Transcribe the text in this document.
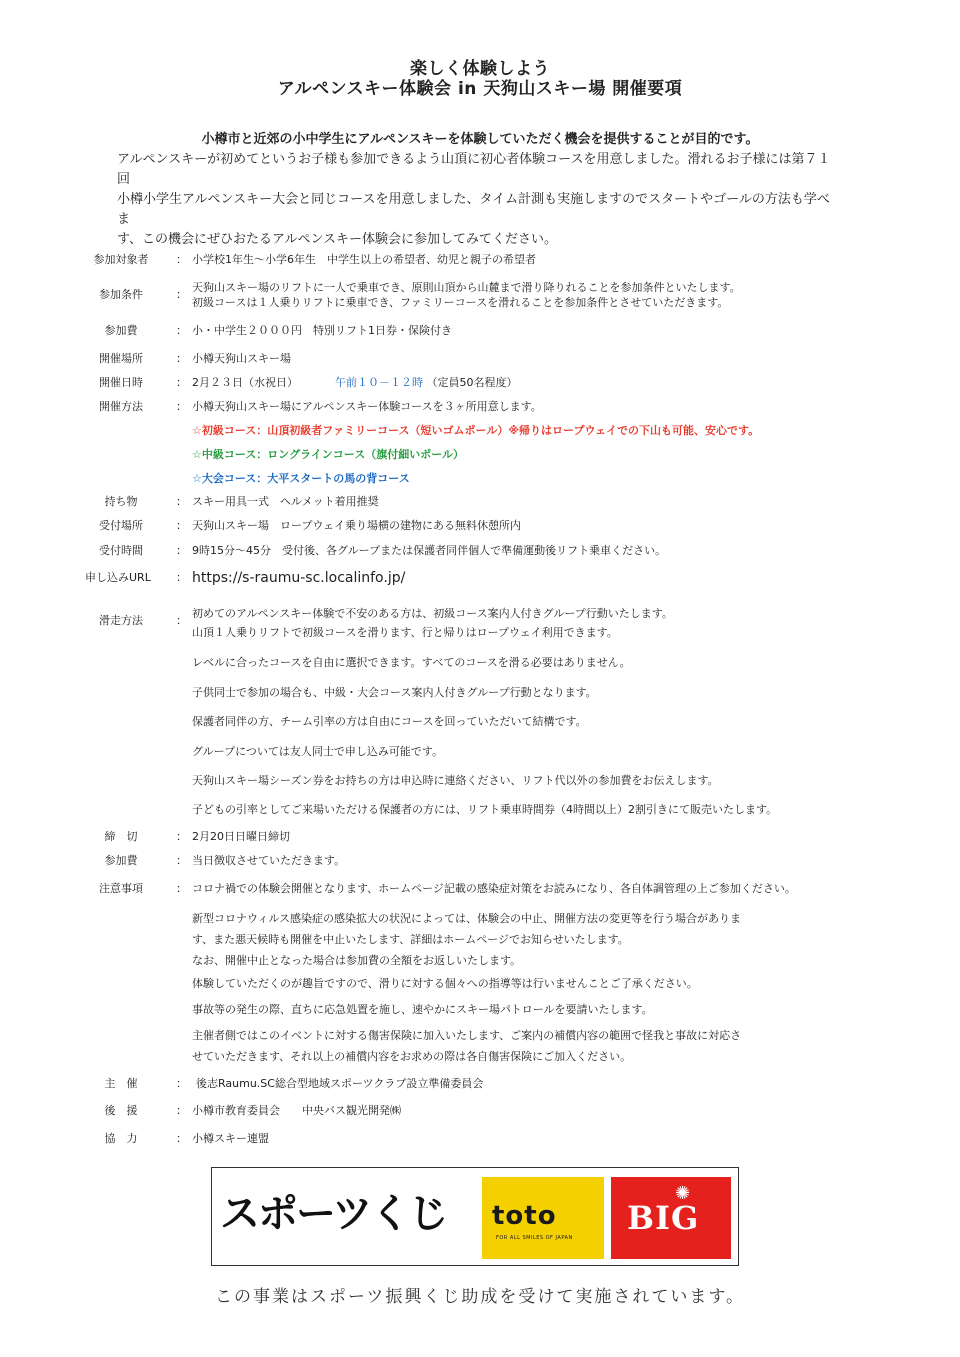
楽しく体験しよう
アルペンスキー体験会 in 天狗山スキー場 開催要項
小樽市と近郊の小中学生にアルペンスキーを体験していただく機会を提供することが目的です。
アルペンスキーが初めてというお子様も参加できるよう山頂に初心者体験コースを用意しました。滑れるお子様には第７１回
小樽小学生アルペンスキー大会と同じコースを用意しました、タイム計測も実施しますのでスタートやゴールの方法も学べま
す、この機会にぜひおたるアルペンスキー体験会に参加してみてください。
参加対象者	： 小学校1年生～小学6年生　中学生以上の希望者、幼児と親子の希望者
参加条件	：
天狗山スキー場のリフトに一人で乗車でき、原則山頂から山麓まで滑り降りれることを参加条件といたします。
初級コースは１人乗りリフトに乗車でき、ファミリーコースを滑れることを参加条件とさせていただきます。
参加費	： 小・中学生２０００円　特別リフト1日券・保険付き
開催場所	： 小樽天狗山スキー場
開催日時	： 2月２３日（水祝日）	午前１０－１２時 （定員50名程度）
開催方法	： 小樽天狗山スキー場にアルペンスキー体験コースを３ヶ所用意します。
☆初級コース：山頂初級者ファミリーコース（短いゴムポール）※帰りはロープウェイでの下山も可能、安心です。
☆中級コース：ロングラインコース（旗付細いポール）
☆大会コース：大平スタートの馬の背コース
持ち物	： スキー用具一式　ヘルメット着用推奨
受付場所	： 天狗山スキー場　ロープウェイ乗り場横の建物にある無料休憩所内
受付時間	： 9時15分～45分　受付後、各グループまたは保護者同伴個人で準備運動後リフト乗車ください。
申し込みURL	： https://s-raumu-sc.localinfo.jp/
滑走方法	：
初めてのアルペンスキー体験で不安のある方は、初級コース案内人付きグループ行動いたします。
山頂１人乗りリフトで初級コースを滑ります、行と帰りはロープウェイ利用できます。
レベルに合ったコースを自由に選択できます。すべてのコースを滑る必要はありません。
子供同士で参加の場合も、中級・大会コース案内人付きグループ行動となります。
保護者同伴の方、チーム引率の方は自由にコースを回っていただいて結構です。
グループについては友人同士で申し込み可能です。
天狗山スキー場シーズン券をお持ちの方は申込時に連絡ください、リフト代以外の参加費をお伝えします。
子どもの引率としてご来場いただける保護者の方には、リフト乗車時間券（4時間以上）2割引きにて販売いたします。
締　切	： 2月20日日曜日締切
参加費	： 当日徴収させていただきます。
注意事項	： コロナ禍での体験会開催となります、ホームページ記載の感染症対策をお読みになり、各自体調管理の上ご参加ください。
新型コロナウィルス感染症の感染拡大の状況によっては、体験会の中止、開催方法の変更等を行う場合がありま
す、また悪天候時も開催を中止いたします、詳細はホームページでお知らせいたします。
なお、開催中止となった場合は参加費の全額をお返しいたします。
体験していただくのが趣旨ですので、滑りに対する個々への指導等は行いませんことご了承ください。
事故等の発生の際、直ちに応急処置を施し、速やかにスキー場パトロールを要請いたします。
主催者側ではこのイベントに対する傷害保険に加入いたします、ご案内の補償内容の範囲で怪我と事故に対応さ
せていただきます、それ以上の補償内容をお求めの際は各自傷害保険にご加入ください。
主　催	： 後志Raumu.SC総合型地域スポーツクラブ設立準備委員会
後　援	： 小樽市教育委員会　　中央バス観光開発㈱
協　力	： 小樽スキー連盟
スポーツくじ toto
FOR ALL SMILES OF JAPAN
✺
BIG
この事業はスポーツ振興くじ助成を受けて実施されています。
